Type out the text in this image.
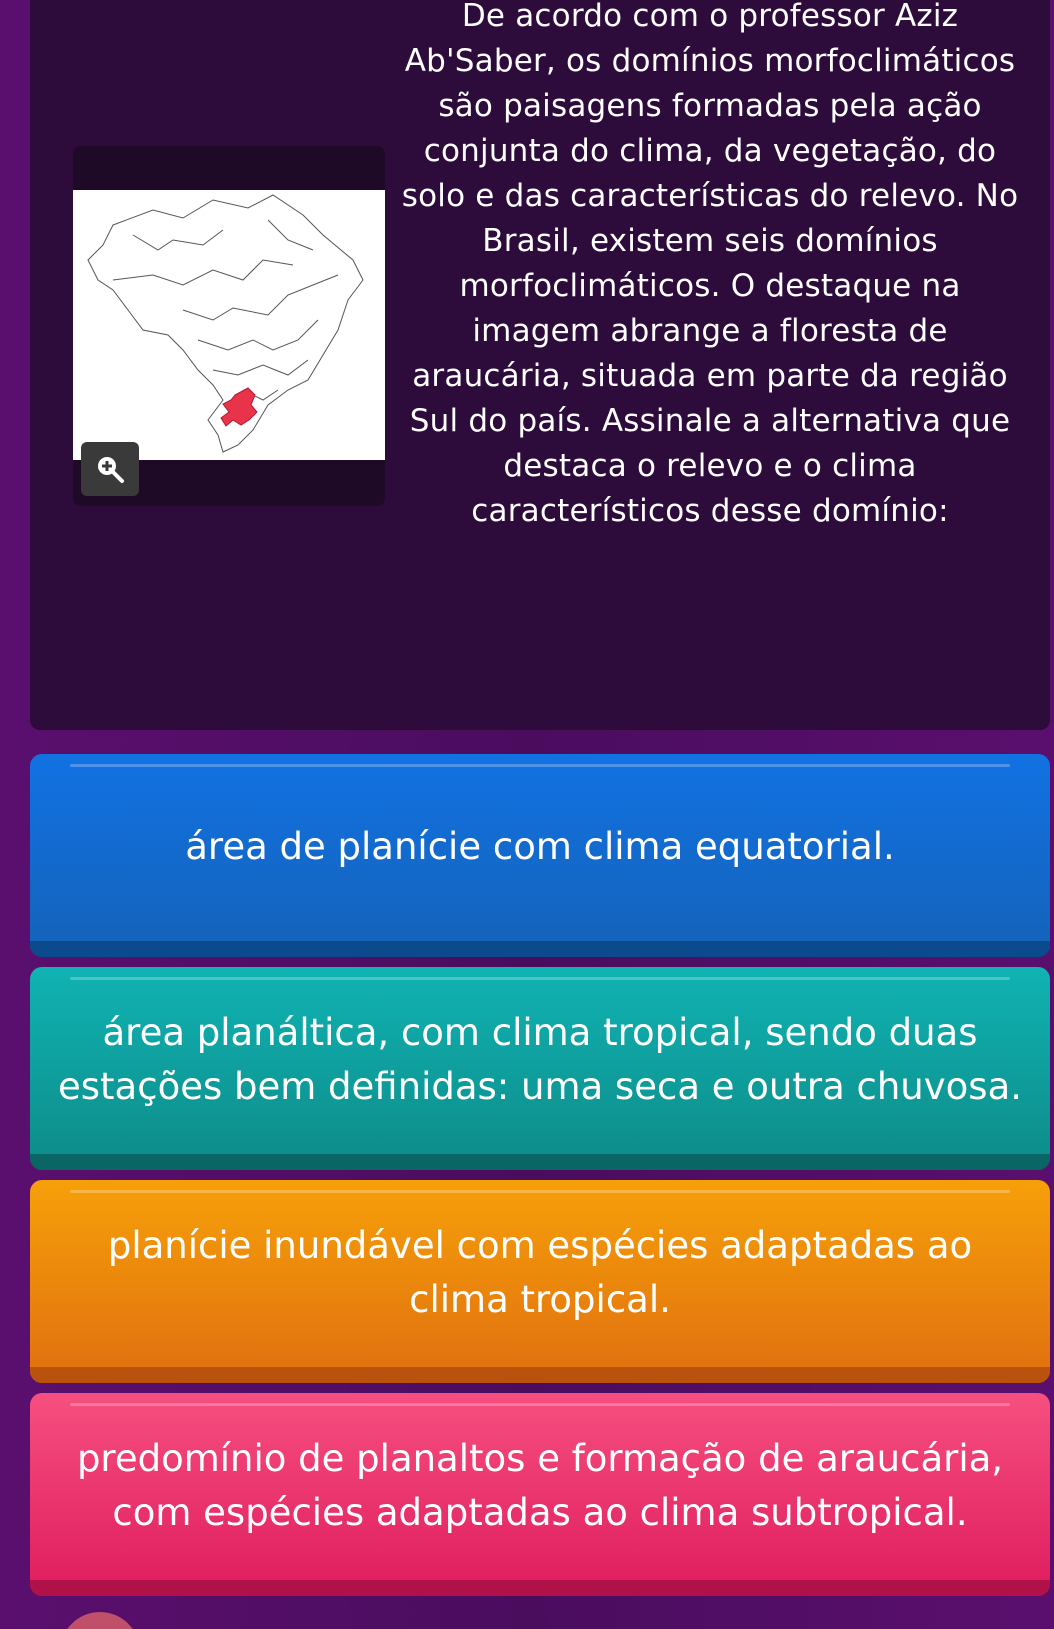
De acordo com o professor Aziz Ab'Saber, os domínios morfoclimáticos são paisagens formadas pela ação conjunta do clima, da vegetação, do solo e das características do relevo. No Brasil, existem seis domínios morfoclimáticos. O destaque na imagem abrange a floresta de araucária, situada em parte da região Sul do país. Assinale a alternativa que destaca o relevo e o clima característicos desse domínio:
área de planície com clima equatorial.
área planáltica, com clima tropical, sendo duas estações bem definidas: uma seca e outra chuvosa.
planície inundável com espécies adaptadas ao clima tropical.
predomínio de planaltos e formação de araucária, com espécies adaptadas ao clima subtropical.
